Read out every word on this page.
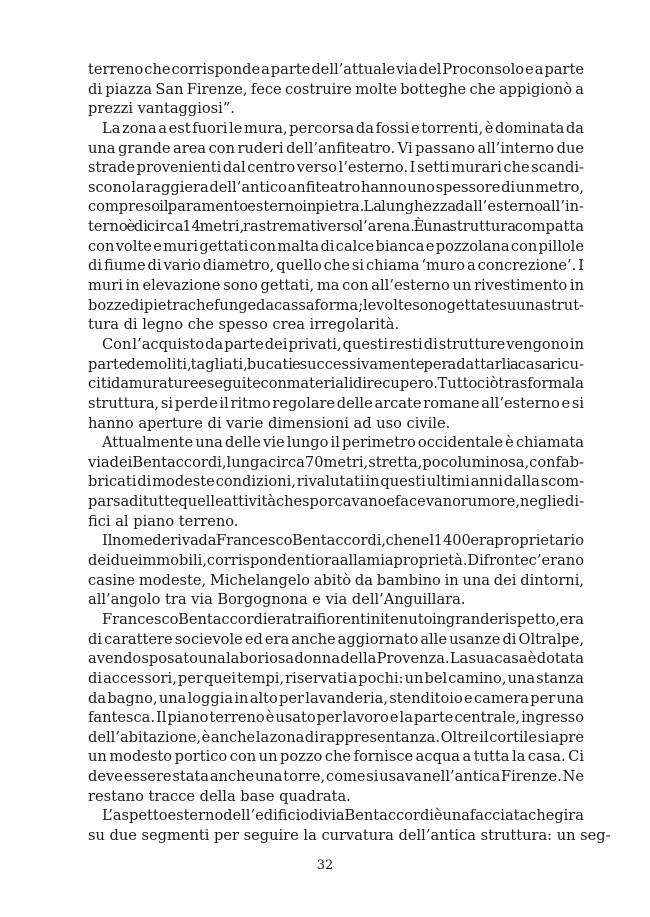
terreno che corrisponde a parte dell’attuale via del Proconsolo e a parte
di piazza San Firenze, fece costruire molte botteghe che appigionò a
prezzi vantaggiosi”.

La zona a est fuori le mura, percorsa da fossi e torrenti, è dominata da
una grande area con ruderi dell’anfiteatro. Vi passano all’interno due
strade provenienti dal centro verso l’esterno. I setti murari che scandi-
scono la raggiera dell’antico anfiteatro hanno uno spessore di un metro,
compreso il paramento esterno in pietra. La lunghezza dall’esterno all’in-
terno è di circa 14 metri, rastremati verso l’arena. È una struttura compatta
con volte e muri gettati con malta di calce bianca e pozzolana con pillole
di fiume di vario diametro, quello che si chiama ‘muro a concrezione’. I
muri in elevazione sono gettati, ma con all’esterno un rivestimento in
bozze di pietra che funge da cassaforma; le volte sono gettate su una strut-
tura di legno che spesso crea irregolarità.

Con l’acquisto da parte dei privati, questi resti di strutture vengono in
parte demoliti, tagliati, bucati e successivamente per adattarli a casa ricu-
citi da murature eseguite con materiali di recupero. Tutto ciò trasforma la
struttura, si perde il ritmo regolare delle arcate romane all’esterno e si
hanno aperture di varie dimensioni ad uso civile.

Attualmente una delle vie lungo il perimetro occidentale è chiamata
via dei Bentaccordi, lunga circa 70 metri, stretta, poco luminosa, con fab-
bricati di modeste condizioni, rivalutati in questi ultimi anni dalla scom-
parsa di tutte quelle attività che sporcavano e facevano rumore, negli edi-
fici al piano terreno.

Il nome deriva da Francesco Bentaccordi, che nel 1400 era proprietario
dei due immobili, corrispondenti ora alla mia proprietà. Di fronte c’erano
casine modeste, Michelangelo abitò da bambino in una dei dintorni,
all’angolo tra via Borgognona e via dell’Anguillara.

Francesco Bentaccordi era tra i fiorentini tenuto in grande rispetto, era
di carattere socievole ed era anche aggiornato alle usanze di Oltralpe,
avendo sposato una laboriosa donna della Provenza. La sua casa è dotata
di accessori, per quei tempi, riservati a pochi: un bel camino, una stanza
da bagno, una loggia in alto per lavanderia, stenditoio e camera per una
fantesca. Il piano terreno è usato per lavoro e la parte centrale, ingresso
dell’abitazione, è anche la zona di rappresentanza. Oltre il cortile si apre
un modesto portico con un pozzo che fornisce acqua a tutta la casa. Ci
deve essere stata anche una torre, come si usava nell’antica Firenze. Ne
restano tracce della base quadrata.

L’aspetto esterno dell’edificio di via Bentaccordi è una facciata che gira
su due segmenti per seguire la curvatura dell’antica struttura: un seg-

32
